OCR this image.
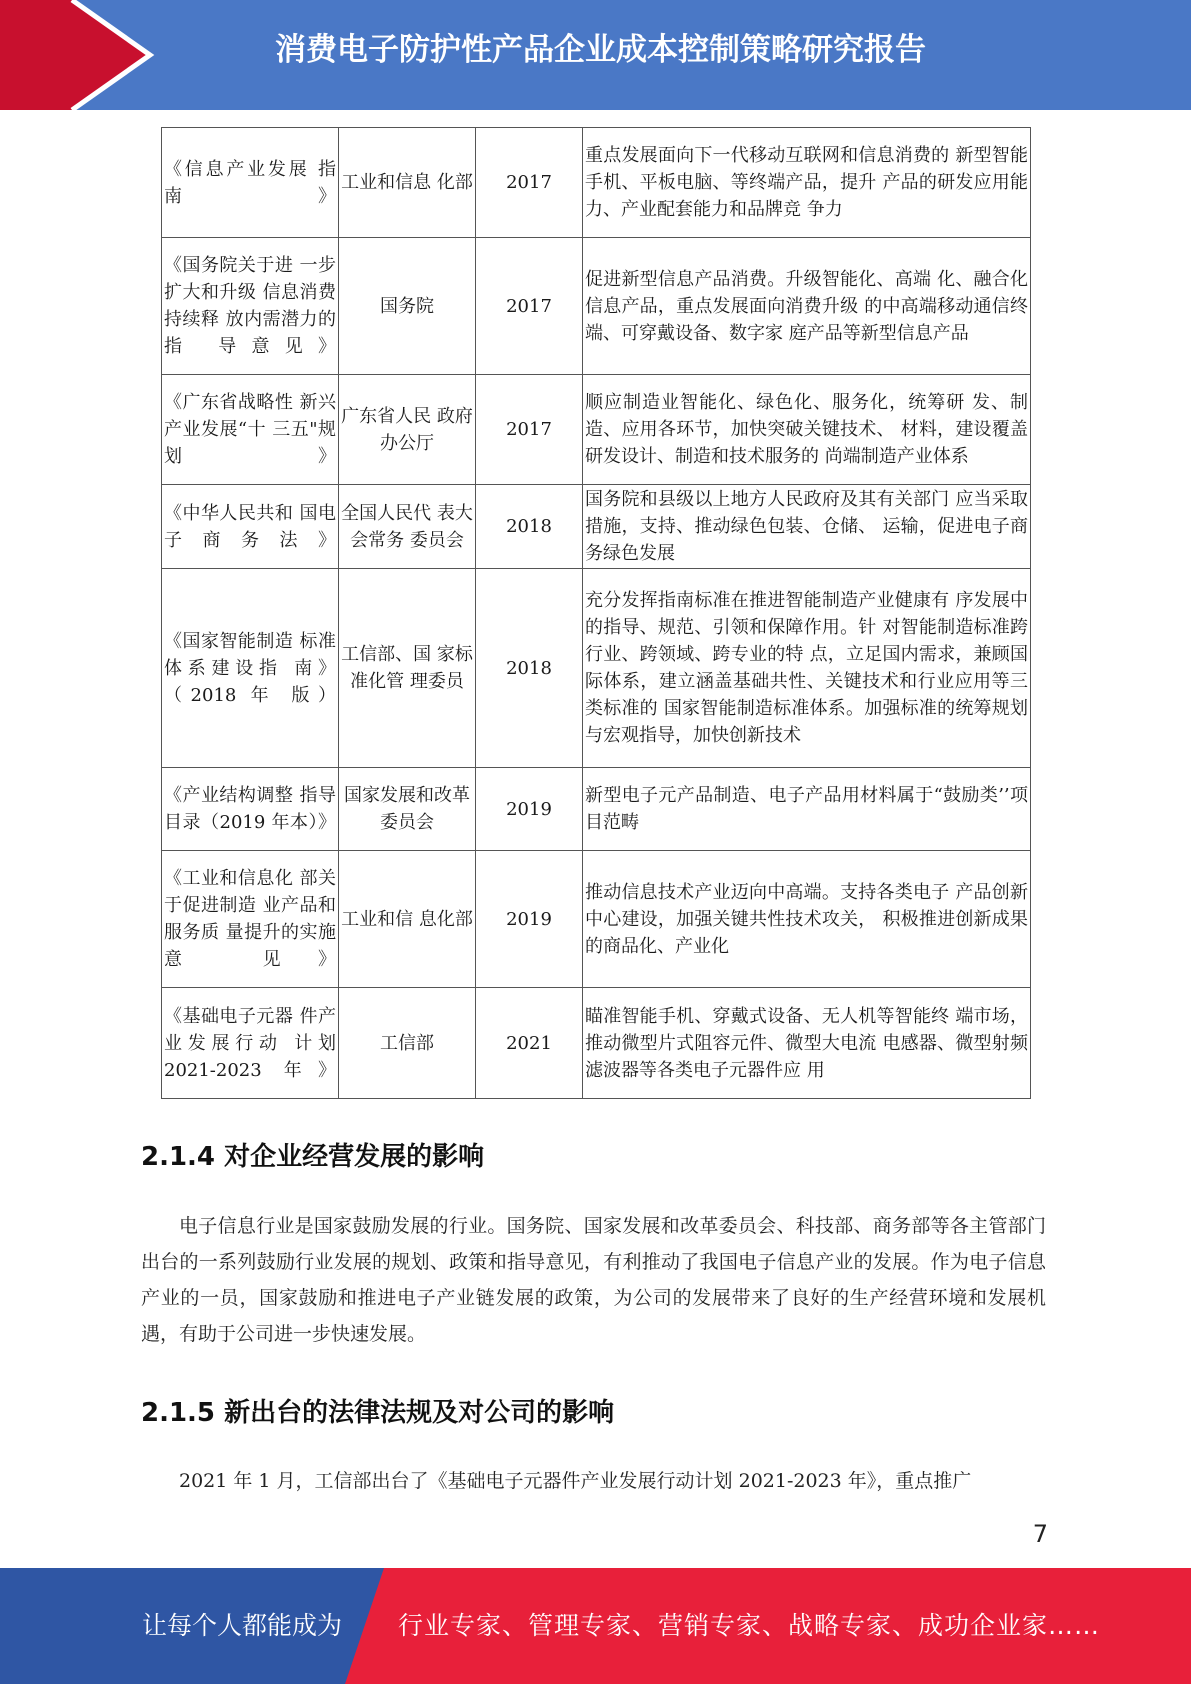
消费电子防护性产品企业成本控制策略研究报告
《信息产业发展 指南》	工业和信息 化部	2017	重点发展面向下一代移动互联网和信息消费的 新型智能手机、平板电脑、等终端产品，提升 产品的研发应用能力、产业配套能力和品牌竞 争力
《国务院关于进 一步扩大和升级 信息消费持续释 放内需潜力的指 导意见》	国务院	2017	促进新型信息产品消费。升级智能化、高端 化、融合化信息产品，重点发展面向消费升级 的中高端移动通信终端、可穿戴设备、数字家 庭产品等新型信息产品
《广东省战略性 新兴产业发展“十 三五"规划》	广东省人民 政府办公厅	2017	顺应制造业智能化、绿色化、服务化，统筹研 发、制造、应用各环节，加快突破关键技术、 材料，建设覆盖研发设计、制造和技术服务的 尚端制造产业体系
《中华人民共和 国电子商务法》	全国人民代 表大会常务 委员会	2018	国务院和县级以上地方人民政府及其有关部门 应当采取措施，支持、推动绿色包装、仓储、 运输，促进电子商务绿色发展
《国家智能制造 标准体系建设指 南》（2018 年 版）	工信部、国 家标准化管 理委员	2018	充分发挥指南标准在推进智能制造产业健康有 序发展中的指导、规范、引领和保障作用。针 对智能制造标准跨行业、跨领域、跨专业的特 点，立足国内需求，兼顾国际体系，建立涵盖基础共性、关键技术和行业应用等三类标准的 国家智能制造标准体系。加强标准的统筹规划 与宏观指导，加快创新技术
《产业结构调整 指导目录（2019 年本）》	国家发展和改革委员会	2019	新型电子元产品制造、电子产品用材料属于“鼓励类’’项目范畴
《工业和信息化 部关于促进制造 业产品和服务质 量提升的实施意 见》	工业和信 息化部	2019	推动信息技术产业迈向中高端。支持各类电子 产品创新中心建设，加强关键共性技术攻关， 积极推进创新成果的商品化、产业化
《基础电子元器 件产业发展行动 计划 2021-2023 年》	工信部	2021	瞄准智能手机、穿戴式设备、无人机等智能终 端市场，推动微型片式阻容元件、微型大电流 电感器、微型射频滤波器等各类电子元器件应 用
2.1.4 对企业经营发展的影响

电子信息行业是国家鼓励发展的行业。国务院、国家发展和改革委员会、科技部、商务部等各主管部门出台的一系列鼓励行业发展的规划、政策和指导意见，有利推动了我国电子信息产业的发展。作为电子信息产业的一员，国家鼓励和推进电子产业链发展的政策，为公司的发展带来了良好的生产经营环境和发展机遇，有助于公司进一步快速发展。

2.1.5 新出台的法律法规及对公司的影响

2021 年 1 月，工信部出台了《基础电子元器件产业发展行动计划 2021-2023 年》，重点推广

7
让每个人都能成为 行业专家、管理专家、营销专家、战略专家、成功企业家……
